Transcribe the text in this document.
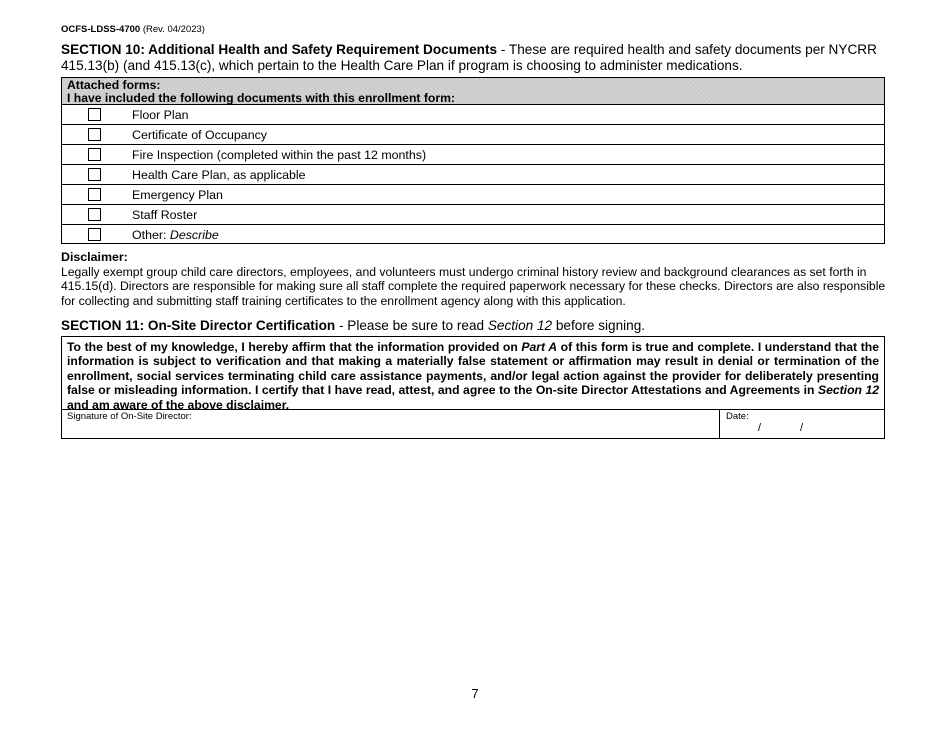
OCFS-LDSS-4700 (Rev. 04/2023)
SECTION 10: Additional Health and Safety Requirement Documents - These are required health and safety documents per NYCRR 415.13(b) (and 415.13(c), which pertain to the Health Care Plan if program is choosing to administer medications.
Attached forms:
I have included the following documents with this enrollment form:
Floor Plan
Certificate of Occupancy
Fire Inspection (completed within the past 12 months)
Health Care Plan, as applicable
Emergency Plan
Staff Roster
Other: Describe
Disclaimer:
Legally exempt group child care directors, employees, and volunteers must undergo criminal history review and background clearances as set forth in 415.15(d). Directors are responsible for making sure all staff complete the required paperwork necessary for these checks. Directors are also responsible for collecting and submitting staff training certificates to the enrollment agency along with this application.
SECTION 11: On-Site Director Certification - Please be sure to read Section 12 before signing.
To the best of my knowledge, I hereby affirm that the information provided on Part A of this form is true and complete. I understand that the information is subject to verification and that making a materially false statement or affirmation may result in denial or termination of the enrollment, social services terminating child care assistance payments, and/or legal action against the provider for deliberately presenting false or misleading information. I certify that I have read, attest, and agree to the On-site Director Attestations and Agreements in Section 12 and am aware of the above disclaimer.
Signature of On-Site Director:	Date:
/	/
7
